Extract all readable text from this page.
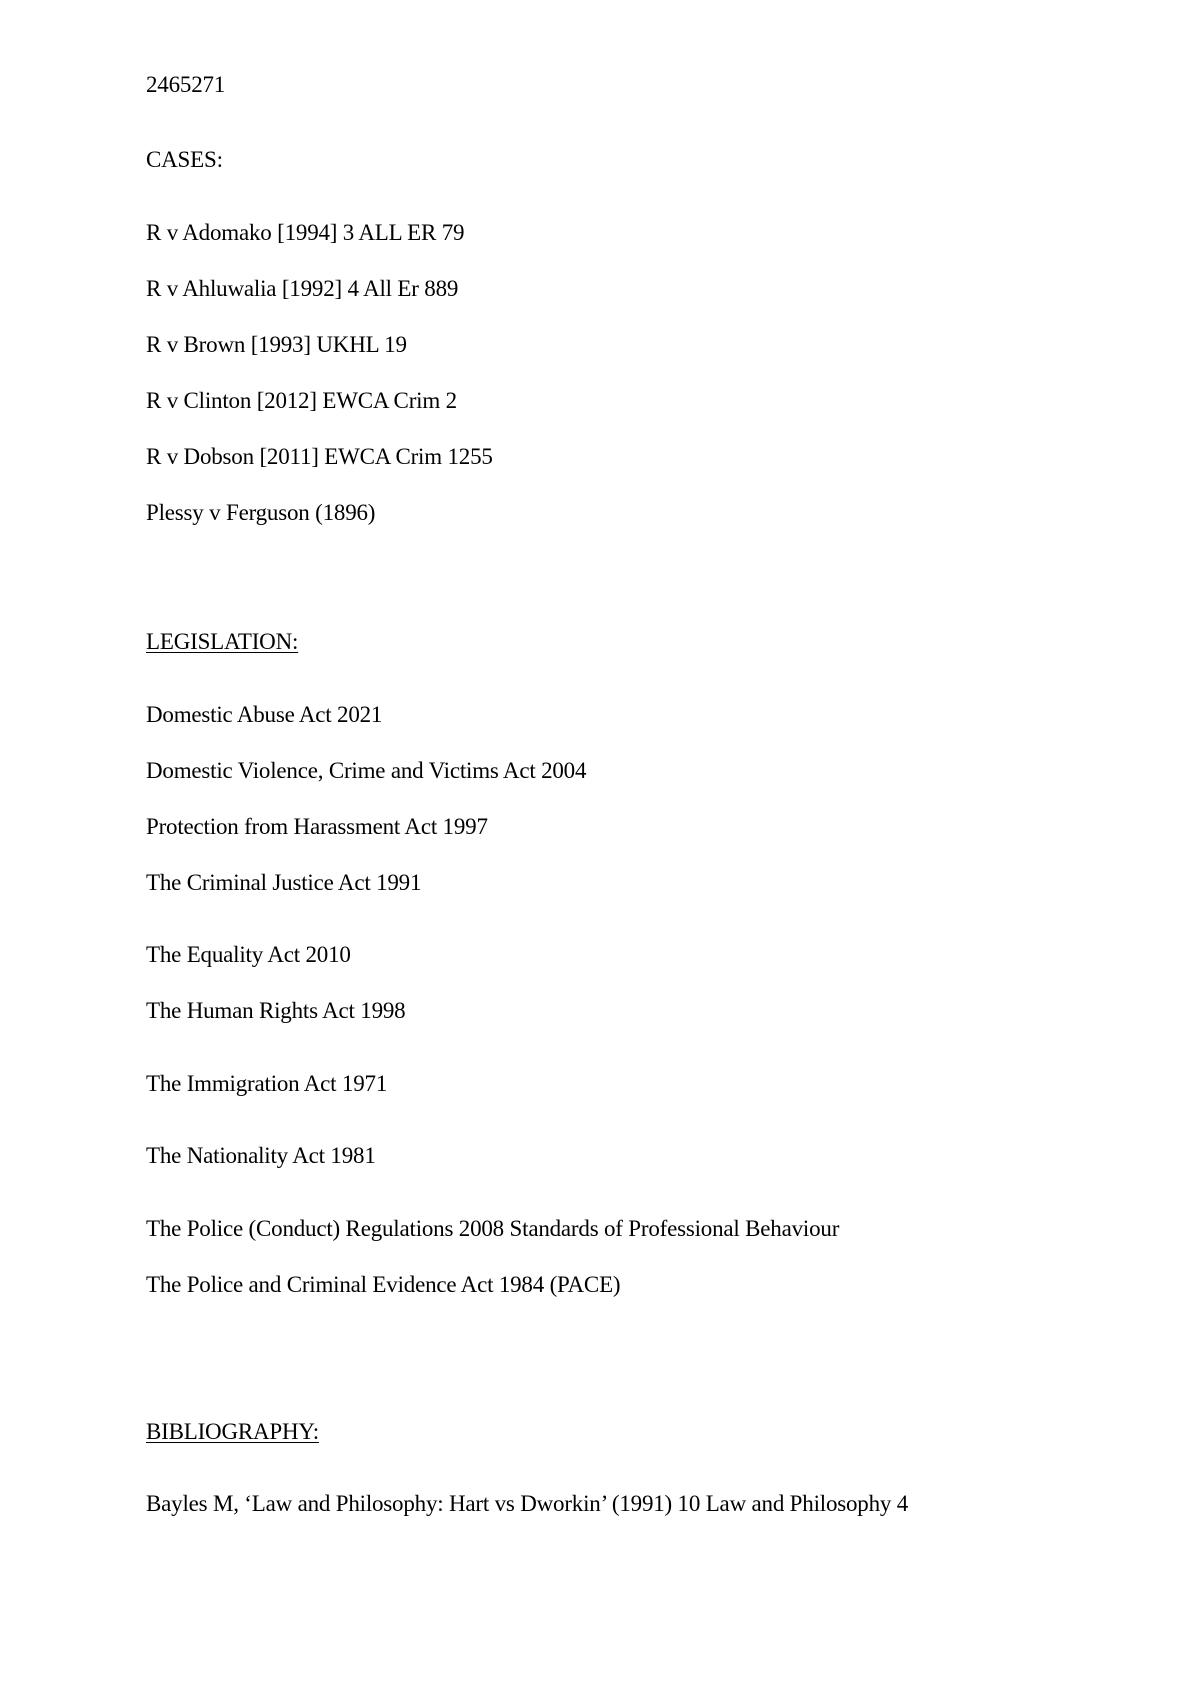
2465271
CASES:
R v Adomako [1994] 3 ALL ER 79
R v Ahluwalia [1992] 4 All Er 889
R v Brown [1993] UKHL 19
R v Clinton [2012] EWCA Crim 2
R v Dobson [2011] EWCA Crim 1255
Plessy v Ferguson (1896)
LEGISLATION:
Domestic Abuse Act 2021
Domestic Violence, Crime and Victims Act 2004
Protection from Harassment Act 1997
The Criminal Justice Act 1991
The Equality Act 2010
The Human Rights Act 1998
The Immigration Act 1971
The Nationality Act 1981
The Police (Conduct) Regulations 2008 Standards of Professional Behaviour
The Police and Criminal Evidence Act 1984 (PACE)
BIBLIOGRAPHY:
Bayles M, ‘Law and Philosophy: Hart vs Dworkin’ (1991) 10 Law and Philosophy 4
